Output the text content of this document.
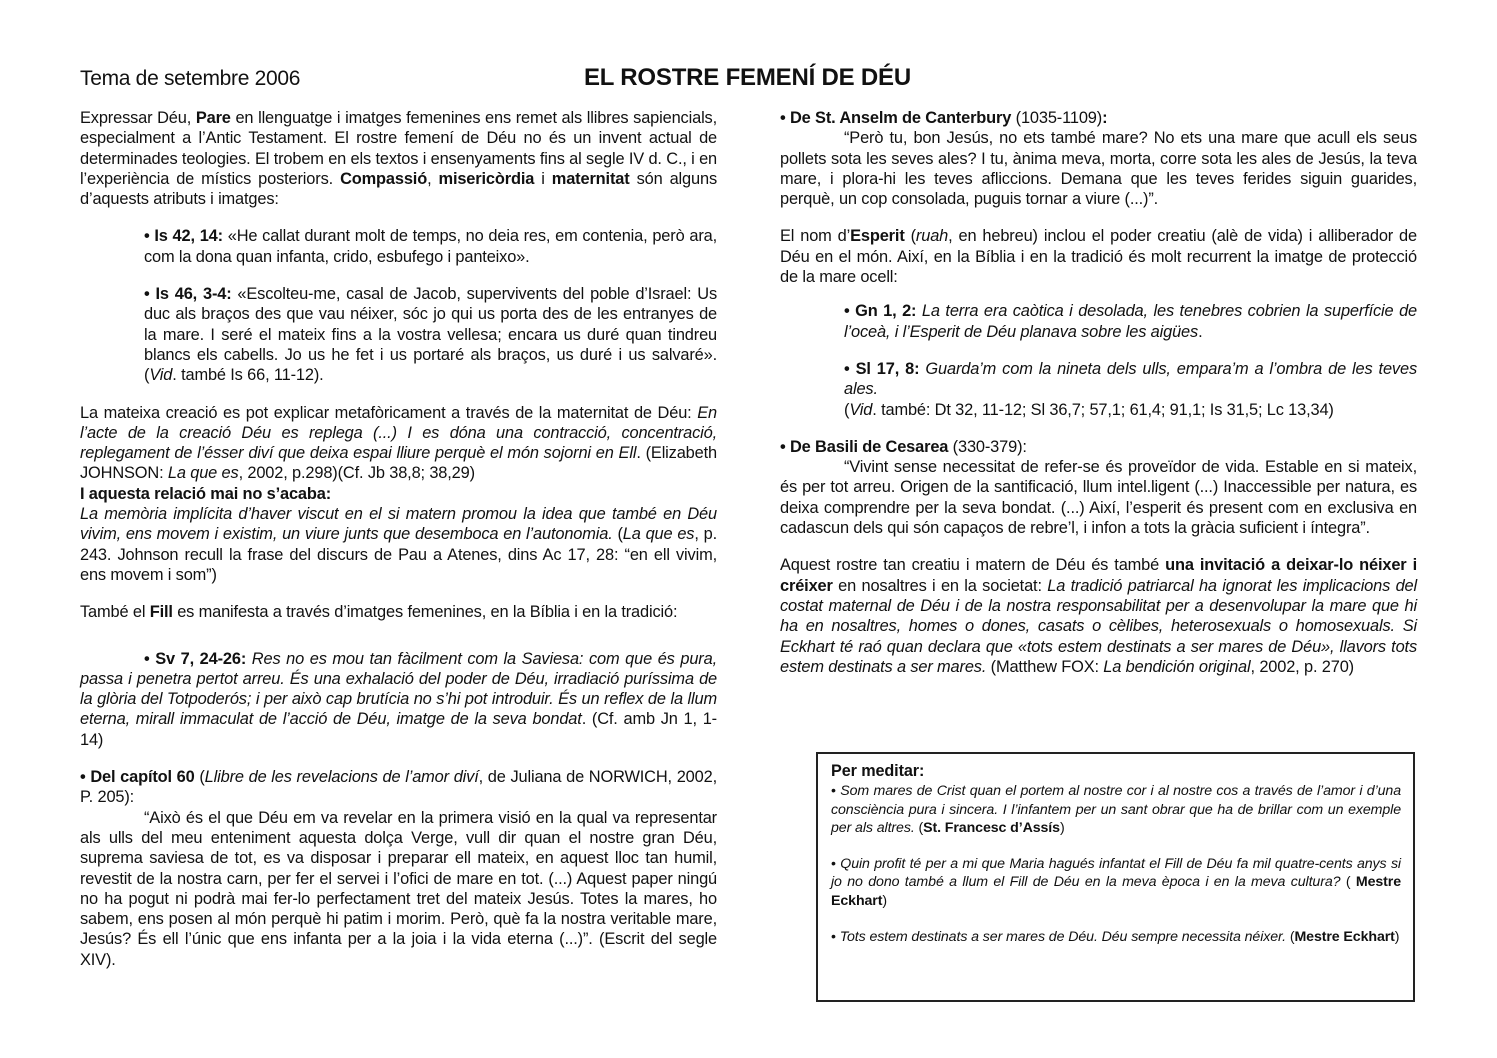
Tema de setembre 2006	EL ROSTRE FEMENÍ DE DÉU

Expressar Déu, Pare en llenguatge i imatges femenines ens remet als llibres sapiencials, especialment a l’Antic Testament. El rostre femení de Déu no és un invent actual de determinades teologies. El trobem en els textos i ensenyaments fins al segle IV d. C., i en l’experiència de místics posteriors. Compassió, misericòrdia i maternitat són alguns d’aquests atributs i imatges:

• Is 42, 14: «He callat durant molt de temps, no deia res, em contenia, però ara, com la dona quan infanta, crido, esbufego i panteixo».

• Is 46, 3-4: «Escolteu-me, casal de Jacob, supervivents del poble d’Israel: Us duc als braços des que vau néixer, sóc jo qui us porta des de les entranyes de la mare. I seré el mateix fins a la vostra vellesa; encara us duré quan tindreu blancs els cabells. Jo us he fet i us portaré als braços, us duré i us salvaré». (Vid. també Is 66, 11-12).

La mateixa creació es pot explicar metafòricament a través de la maternitat de Déu: En l’acte de la creació Déu es replega (...) I es dóna una contracció, concentració, replegament de l’ésser diví que deixa espai lliure perquè el món sojorni en Ell. (Elizabeth JOHNSON: La que es, 2002, p.298)(Cf. Jb 38,8; 38,29)

I aquesta relació mai no s’acaba:
La memòria implícita d’haver viscut en el si matern promou la idea que també en Déu vivim, ens movem i existim, un viure junts que desemboca en l’autonomia. (La que es, p. 243. Johnson recull la frase del discurs de Pau a Atenes, dins Ac 17, 28: “en ell vivim, ens movem i som”)

També el Fill es manifesta a través d’imatges femenines, en la Bíblia i en la tradició:

• Sv 7, 24-26: Res no es mou tan fàcilment com la Saviesa: com que és pura, passa i penetra pertot arreu. És una exhalació del poder de Déu, irradiació puríssima de la glòria del Totpoderós; i per això cap brutícia no s’hi pot introduir. És un reflex de la llum eterna, mirall immaculat de l’acció de Déu, imatge de la seva bondat. (Cf. amb Jn 1, 1-14)

• Del capítol 60 (Llibre de les revelacions de l’amor diví, de Juliana de NORWICH, 2002, P. 205):

“Això és el que Déu em va revelar en la primera visió en la qual va representar als ulls del meu enteniment aquesta dolça Verge, vull dir quan el nostre gran Déu, suprema saviesa de tot, es va disposar i preparar ell mateix, en aquest lloc tan humil, revestit de la nostra carn, per fer el servei i l’ofici de mare en tot. (...) Aquest paper ningú no ha pogut ni podrà mai fer-lo perfectament tret del mateix Jesús. Totes la mares, ho sabem, ens posen al món perquè hi patim i morim. Però, què fa la nostra veritable mare, Jesús? És ell l’únic que ens infanta per a la joia i la vida eterna (...)”. (Escrit del segle XIV).

• De St. Anselm de Canterbury (1035-1109):

“Però tu, bon Jesús, no ets també mare? No ets una mare que acull els seus pollets sota les seves ales? I tu, ànima meva, morta, corre sota les ales de Jesús, la teva mare, i plora-hi les teves afliccions. Demana que les teves ferides siguin guarides, perquè, un cop consolada, puguis tornar a viure (...)”.

El nom d’Esperit (ruah, en hebreu) inclou el poder creatiu (alè de vida) i alliberador de Déu en el món. Així, en la Bíblia i en la tradició és molt recurrent la imatge de protecció de la mare ocell:

• Gn 1, 2: La terra era caòtica i desolada, les tenebres cobrien la superfície de l’oceà, i l’Esperit de Déu planava sobre les aigües.

• Sl 17, 8: Guarda’m com la nineta dels ulls, empara’m a l’ombra de les teves ales.
(Vid. també: Dt 32, 11-12; Sl 36,7; 57,1; 61,4; 91,1; Is 31,5; Lc 13,34)

• De Basili de Cesarea (330-379):

“Vivint sense necessitat de refer-se és proveïdor de vida. Estable en si mateix, és per tot arreu. Origen de la santificació, llum intel.ligent (...) Inaccessible per natura, es deixa comprendre per la seva bondat. (...) Així, l’esperit és present com en exclusiva en cadascun dels qui són capaços de rebre’l, i infon a tots la gràcia suficient i íntegra”.

Aquest rostre tan creatiu i matern de Déu és també una invitació a deixar-lo néixer i créixer en nosaltres i en la societat: La tradició patriarcal ha ignorat les implicacions del costat maternal de Déu i de la nostra responsabilitat per a desenvolupar la mare que hi ha en nosaltres, homes o dones, casats o cèlibes, heterosexuals o homosexuals. Si Eckhart té raó quan declara que «tots estem destinats a ser mares de Déu», llavors tots estem destinats a ser mares. (Matthew FOX: La bendición original, 2002, p. 270)

Per meditar:

• Som mares de Crist quan el portem al nostre cor i al nostre cos a través de l’amor i d’una consciència pura i sincera. I l’infantem per un sant obrar que ha de brillar com un exemple per als altres. (St. Francesc d’Assís)

• Quin profit té per a mi que Maria hagués infantat el Fill de Déu fa mil quatre-cents anys si jo no dono també a llum el Fill de Déu en la meva època i en la meva cultura? ( Mestre Eckhart)

• Tots estem destinats a ser mares de Déu. Déu sempre necessita néixer. (Mestre Eckhart)
